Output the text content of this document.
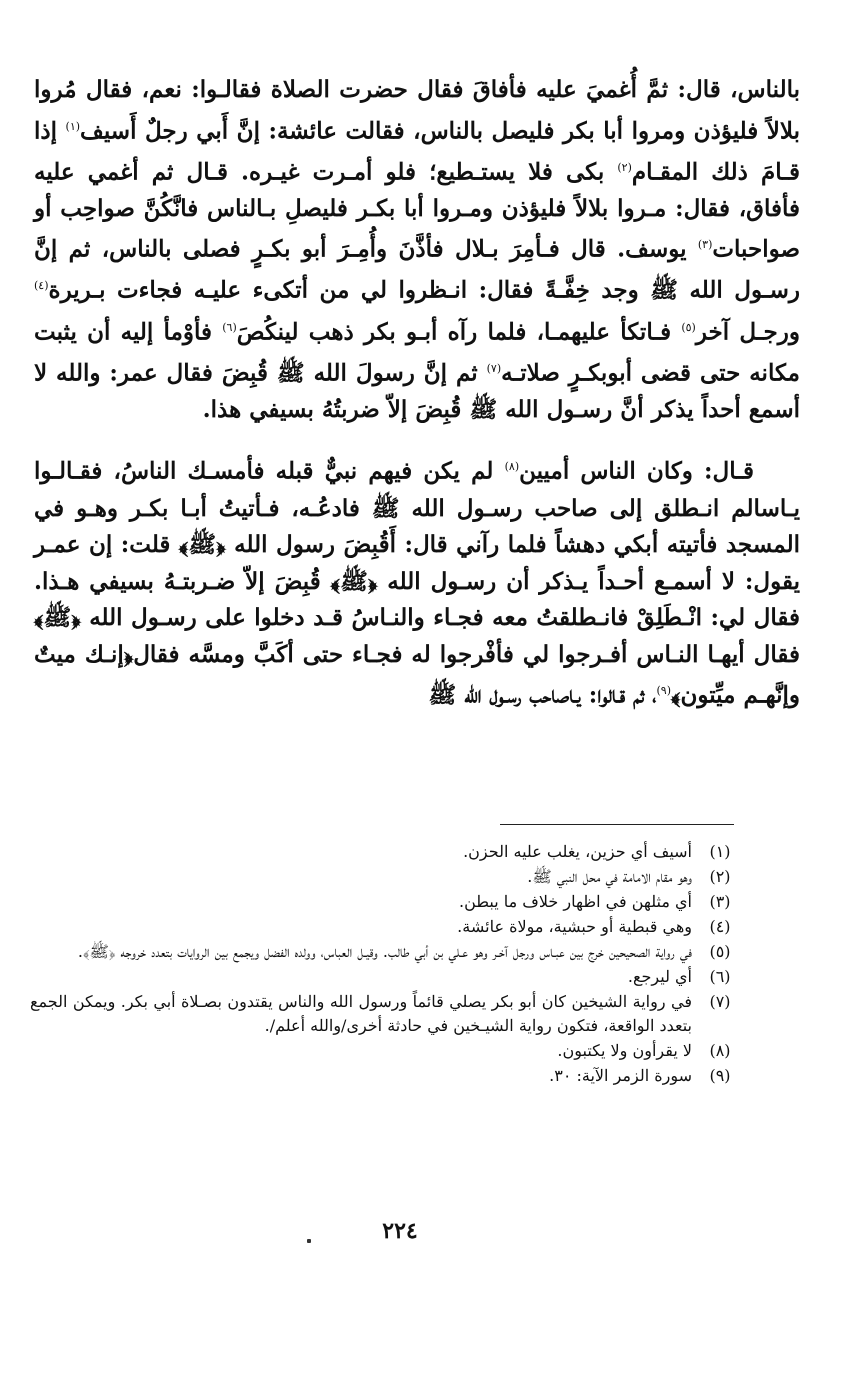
بالناس، قال: ثمَّ أُغميَ عليه فأفاقَ فقال حضرت الصلاة فقالـوا: نعم، فقال مُروا بلالاً فليؤذن ومروا أبا بكر فليصل بالناس، فقالت عائشة: إنَّ أَبي رجلٌ أَسيف$^{(١)}$ إذا قـامَ ذلك المقـام$^{(٢)}$ بكى فلا يستـطيع؛ فلو أمـرت غيـره. قـال ثم أغمي عليه فأفاق، فقال: مـروا بلالاً فليؤذن ومـروا أبا بكـر فليصلِ بـالناس فانَّكُنَّ صواحِب أو صواحبات$^{(٣)}$ يوسف. قال فـأمِرَ بـلال فأذَّنَ وأُمِـرَ أبو بكـرٍ فصلى بالناس، ثم إنَّ رسـول الله ﷺ وجد خِفَّـةً فقال: انـظروا لي من أتكىء عليـه فجاءت بـريرة$^{(٤)}$ ورجـل آخر$^{(٥)}$ فـاتكأ عليهمـا، فلما رآه أبـو بكر ذهب لينكُصَ$^{(٦)}$ فأوْمأ إليه أن يثبت مكانه حتى قضى أبوبكـرٍ صلاتـه$^{(٧)}$ ثم إنَّ رسولَ الله ﷺ قُبِضَ فقال عمر: والله لا أسمع أحداً يذكر أنَّ رسـول الله ﷺ قُبِضَ إلاّ ضربتُهُ بسيفي هذا.

قـال: وكان الناس أميين$^{(٨)}$ لم يكن فيهم نبيٌّ قبله فأمسـك الناسُ، فقـالـوا يـاسالم انـطلق إلى صاحب رسـول الله ﷺ فادعُـه، فـأتيتُ أبـا بكـر وهـو في المسجد فأتيته أبكي دهشاً فلما رآني قال: أَقُبِضَ رسول الله ﴿ﷺ﴾ قلت: إن عمـر يقول: لا أسمـع أحـداً يـذكر أن رسـول الله ﴿ﷺ﴾ قُبِضَ إلاّ ضـربتـهُ بسيفي هـذا. فقال لي: انْـطَلِقْ فانـطلقتُ معه فجـاء والنـاسُ قـد دخلوا على رسـول الله ﴿ﷺ﴾ فقال أيهـا النـاس أفـرجوا لي فأفْرجوا له فجـاء حتى أكَبَّ ومسَّه فقال﴿إنـك ميتٌ وإنَّهـم ميِّتون﴾$^{(٩)}$، ثم قـالوا: يـاصاحب رسـول الله ﷺ

(١)
أسيف أي حزين، يغلب عليه الحزن.
(٢)
وهو مقام الامامة في محل النبي ﷺ.
(٣)
أي مثلهن في اظهار خلاف ما يبطن.
(٤)
وهي قبطية أو حبشية، مولاة عائشة.
(٥)
في رواية الصحيحين خرج بين عبـاس ورجل آخـر وهو عـلي بن أبي طالب. وقيـل العباس، وولده الفضل ويجمع بين الروايات بتعدد خروجه ﴿ﷺ﴾.
(٦)
أي ليرجع.
(٧)
في رواية الشيخين كان أبو بكر يصلي قائماً ورسول الله والناس يقتدون بصـلاة أبي بكر. ويمكن الجمع بتعدد الواقعة، فتكون رواية الشيـخين في حادثة أخرى/والله أعلم/.
(٨)
لا يقرأون ولا يكتبون.
(٩)
سورة الزمر الآية: ٣٠.
٢٢٤
